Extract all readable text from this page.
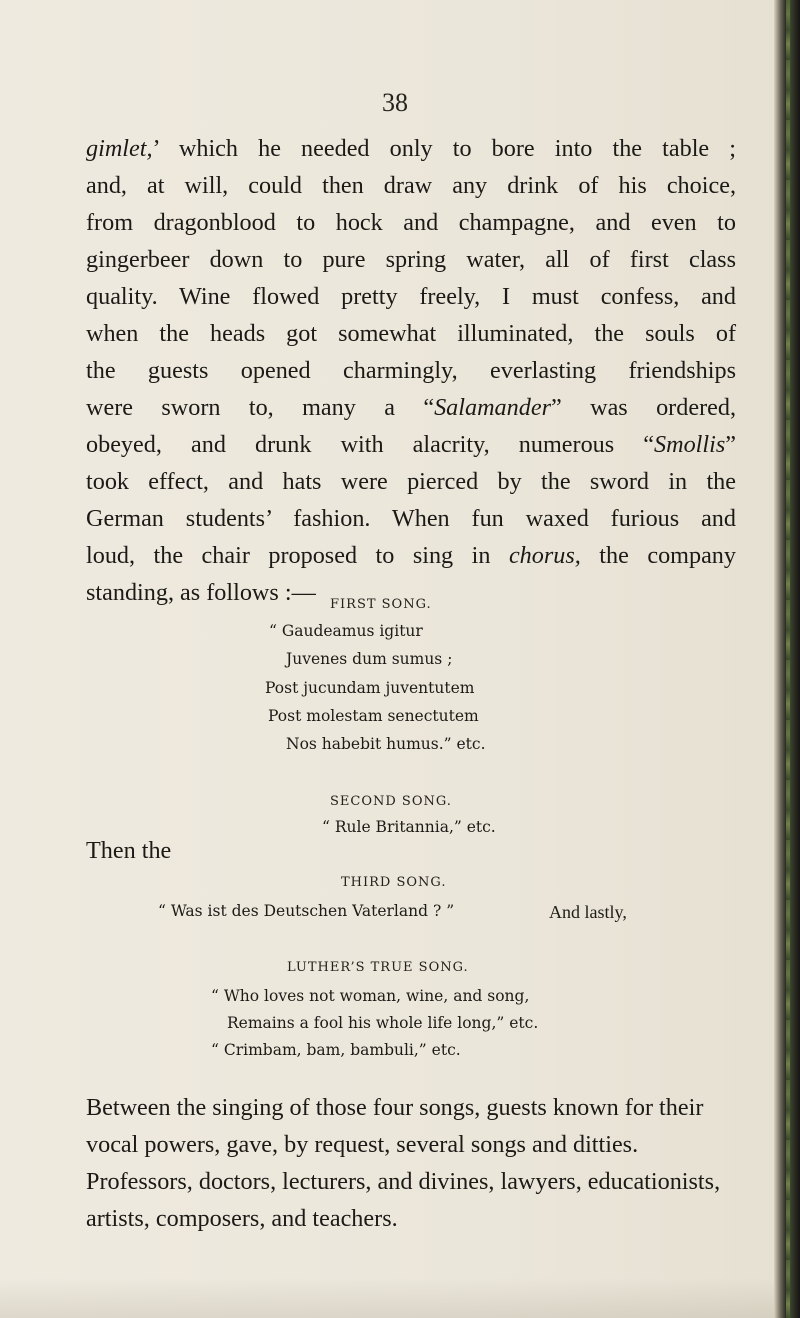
38
gimlet,’ which he needed only to bore into the table ;
and, at will, could then draw any drink of his choice,
from dragonblood to hock and champagne, and even to
gingerbeer down to pure spring water, all of first class
quality. Wine flowed pretty freely, I must confess, and
when the heads got somewhat illuminated, the souls of
the guests opened charmingly, everlasting friendships
were sworn to, many a “Salamander” was ordered,
obeyed, and drunk with alacrity, numerous “Smollis”
took effect, and hats were pierced by the sword in the
German students’ fashion. When fun waxed furious and
loud, the chair proposed to sing in chorus, the company
standing, as follows :—	FIRST SONG.
“ Gaudeamus igitur
Juvenes dum sumus ;
Post jucundam juventutem
Post molestam senectutem
Nos habebit humus.” etc.
SECOND SONG.
“ Rule Britannia,” etc.
Then the
THIRD SONG.
“ Was ist des Deutschen Vaterland ? ”	And lastly,
LUTHER’S TRUE SONG.
“ Who loves not woman, wine, and song,
Remains a fool his whole life long,” etc.
“ Crimbam, bam, bambuli,” etc.
Between the singing of those four songs, guests known for their vocal powers, gave, by request, several songs and ditties. Professors, doctors, lecturers, and divines, lawyers, educationists, artists, composers, and teachers.
